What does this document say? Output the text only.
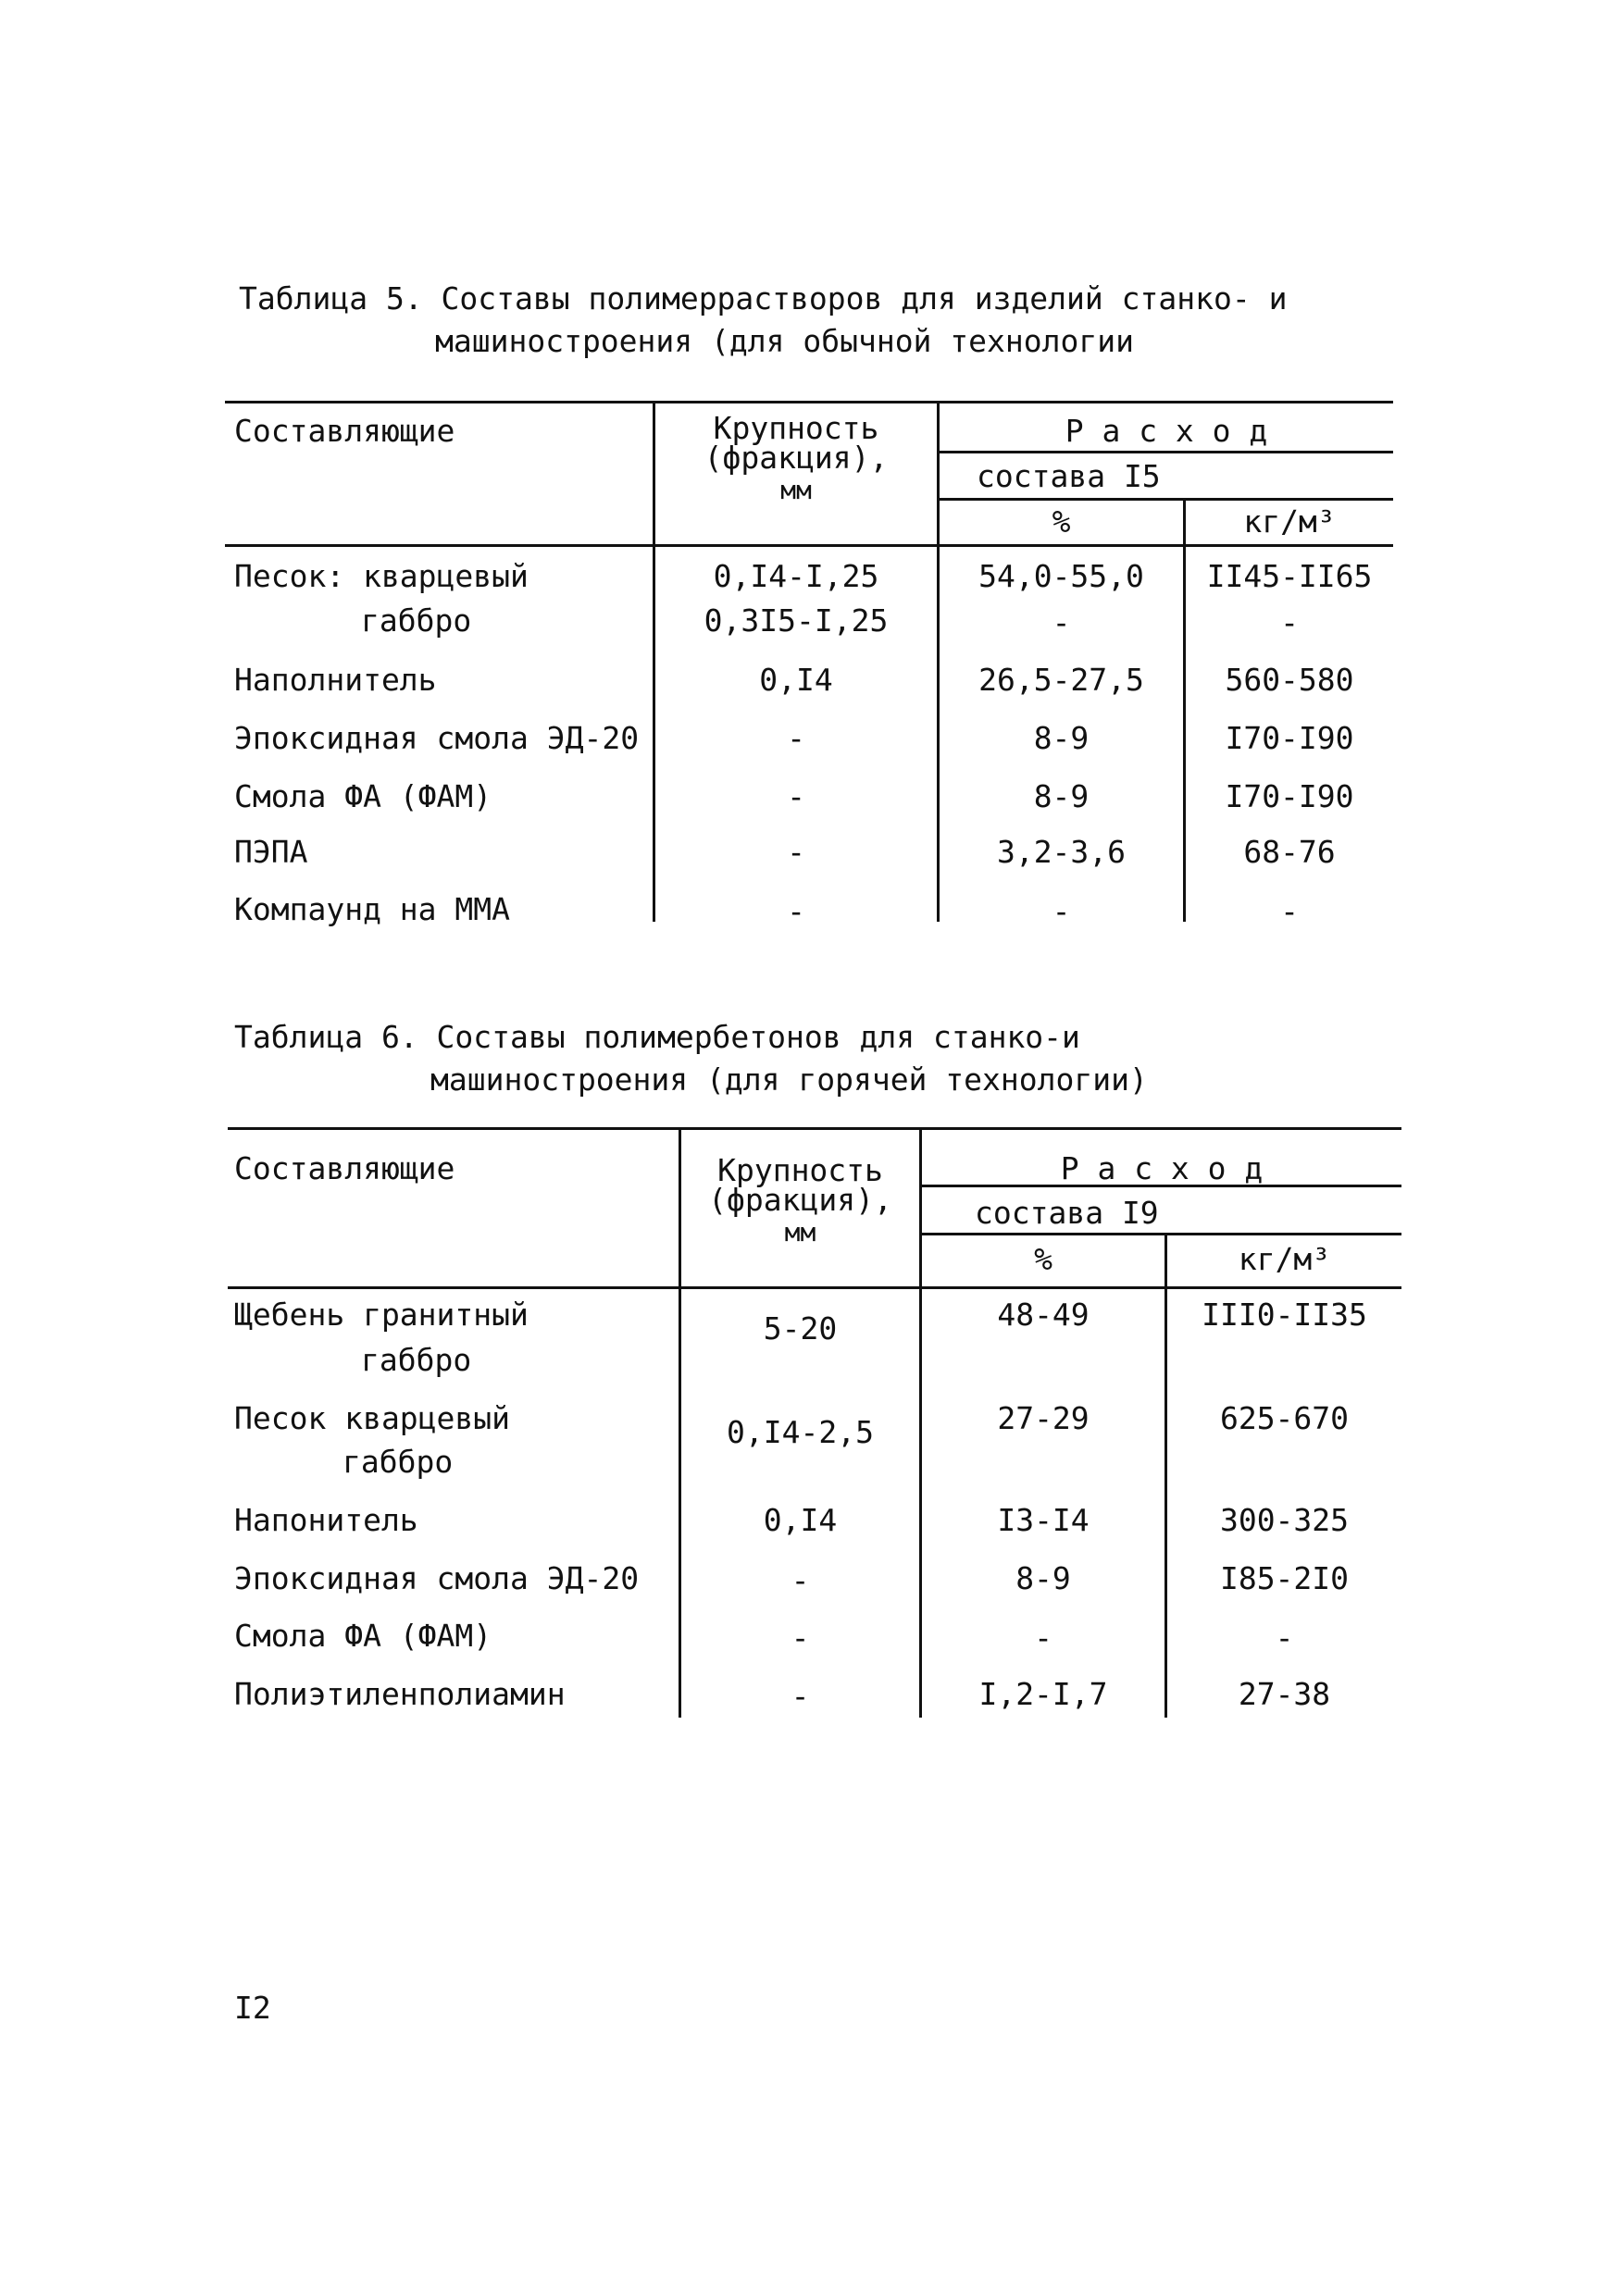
Таблица 5. Составы полимеррастворов для изделий станко- и
машиностроения (для обычной технологии
Составляющие	Крупность
(фракция),
мм
Р а с х о д
состава I5
%	кг/м³
Песок: кварцевый	0,I4-I,25	54,0-55,0	II45-II65
габбро	0,3I5-I,25	-	-
Наполнитель	0,I4	26,5-27,5	560-580
Эпоксидная смола ЭД-20	-	8-9	I70-I90
Смола ФА (ФАМ)	-	8-9	I70-I90
ПЭПА	-	3,2-3,6	68-76
Компаунд на ММА	-	-	-
Таблица 6. Составы полимербетонов для станко-и
машиностроения (для горячей технологии)
Составляющие	Крупность
(фракция),
мм
Р а с х о д
состава I9
%	кг/м³
Щебень гранитный
габбро
5-20	48-49	III0-II35
Песок кварцевый
габбро
0,I4-2,5	27-29	625-670
Напонитель	0,I4	I3-I4	300-325
Эпоксидная смола ЭД-20	-	8-9	I85-2I0
Смола ФА (ФАМ)	-	-	-
Полиэтиленполиамин	-	I,2-I,7	27-38
I2
